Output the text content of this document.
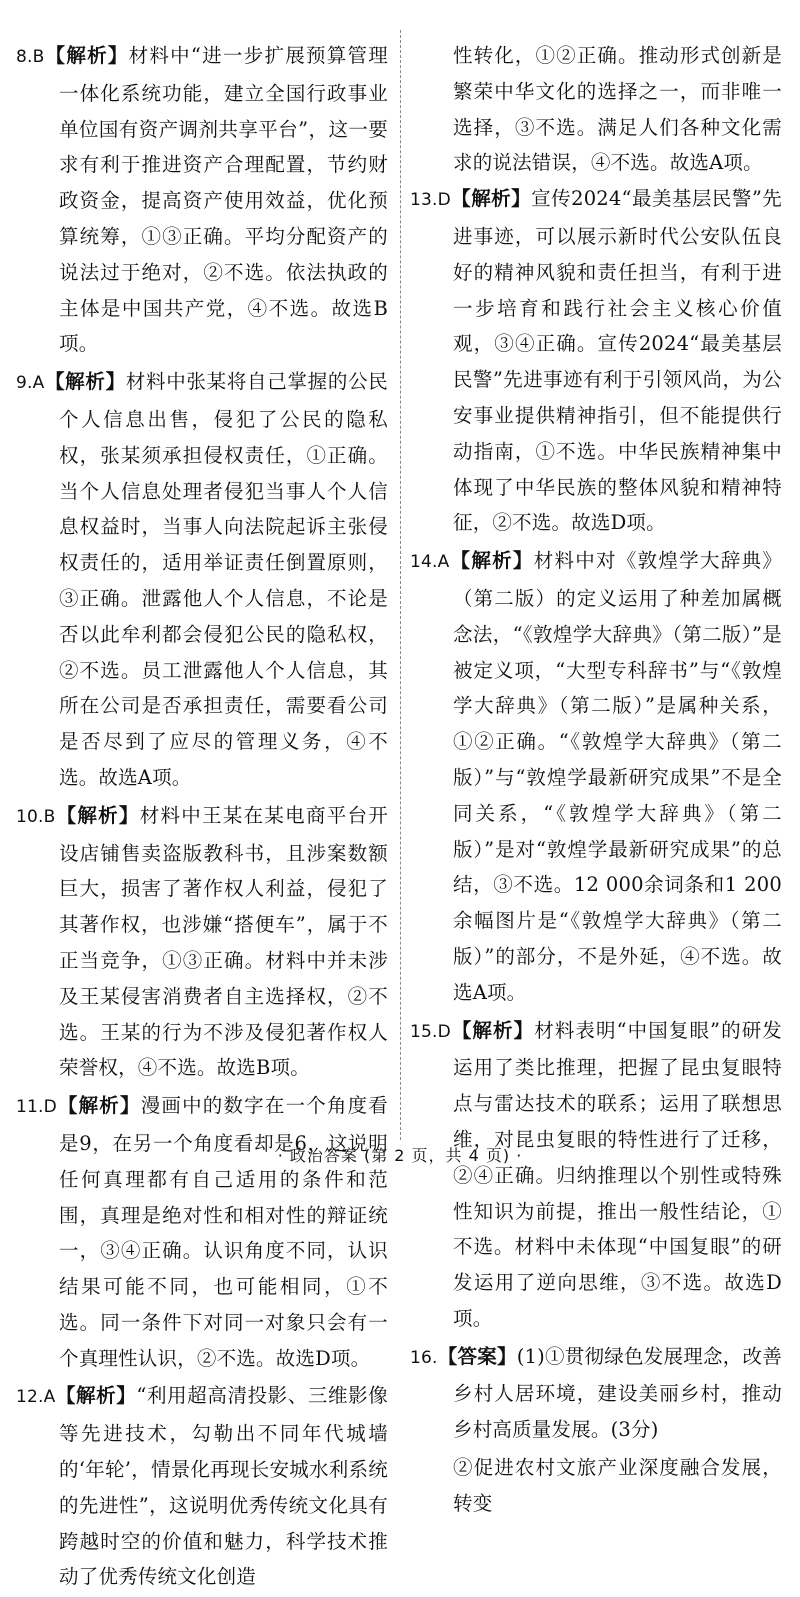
8.B【解析】材料中“进一步扩展预算管理一体化系统功能，建立全国行政事业单位国有资产调剂共享平台”，这一要求有利于推进资产合理配置，节约财政资金，提高资产使用效益，优化预算统筹，①③正确。平均分配资产的说法过于绝对，②不选。依法执政的主体是中国共产党，④不选。故选B项。
9.A【解析】材料中张某将自己掌握的公民个人信息出售，侵犯了公民的隐私权，张某须承担侵权责任，①正确。当个人信息处理者侵犯当事人个人信息权益时，当事人向法院起诉主张侵权责任的，适用举证责任倒置原则，③正确。泄露他人个人信息，不论是否以此牟利都会侵犯公民的隐私权，②不选。员工泄露他人个人信息，其所在公司是否承担责任，需要看公司是否尽到了应尽的管理义务，④不选。故选A项。
10.B【解析】材料中王某在某电商平台开设店铺售卖盗版教科书，且涉案数额巨大，损害了著作权人利益，侵犯了其著作权，也涉嫌“搭便车”，属于不正当竞争，①③正确。材料中并未涉及王某侵害消费者自主选择权，②不选。王某的行为不涉及侵犯著作权人荣誉权，④不选。故选B项。
11.D【解析】漫画中的数字在一个角度看是9，在另一个角度看却是6，这说明任何真理都有自己适用的条件和范围，真理是绝对性和相对性的辩证统一，③④正确。认识角度不同，认识结果可能不同，也可能相同，①不选。同一条件下对同一对象只会有一个真理性认识，②不选。故选D项。
12.A【解析】“利用超高清投影、三维影像等先进技术，勾勒出不同年代城墙的‘年轮’，情景化再现长安城水利系统的先进性”，这说明优秀传统文化具有跨越时空的价值和魅力，科学技术推动了优秀传统文化创造

性转化，①②正确。推动形式创新是繁荣中华文化的选择之一，而非唯一选择，③不选。满足人们各种文化需求的说法错误，④不选。故选A项。

13.D【解析】宣传2024“最美基层民警”先进事迹，可以展示新时代公安队伍良好的精神风貌和责任担当，有利于进一步培育和践行社会主义核心价值观，③④正确。宣传2024“最美基层民警”先进事迹有利于引领风尚，为公安事业提供精神指引，但不能提供行动指南，①不选。中华民族精神集中体现了中华民族的整体风貌和精神特征，②不选。故选D项。
14.A【解析】材料中对《敦煌学大辞典》（第二版）的定义运用了种差加属概念法，“《敦煌学大辞典》（第二版）”是被定义项，“大型专科辞书”与“《敦煌学大辞典》（第二版）”是属种关系，①②正确。“《敦煌学大辞典》（第二版）”与“敦煌学最新研究成果”不是全同关系，“《敦煌学大辞典》（第二版）”是对“敦煌学最新研究成果”的总结，③不选。12 000余词条和1 200余幅图片是“《敦煌学大辞典》（第二版）”的部分，不是外延，④不选。故选A项。
15.D【解析】材料表明“中国复眼”的研发运用了类比推理，把握了昆虫复眼特点与雷达技术的联系；运用了联想思维，对昆虫复眼的特性进行了迁移，②④正确。归纳推理以个别性或特殊性知识为前提，推出一般性结论，①不选。材料中未体现“中国复眼”的研发运用了逆向思维，③不选。故选D项。
16.【答案】(1)①贯彻绿色发展理念，改善乡村人居环境，建设美丽乡村，推动乡村高质量发展。(3分)

②促进农村文旅产业深度融合发展，转变

· 政治答案 (第 2 页，共 4 页) ·
